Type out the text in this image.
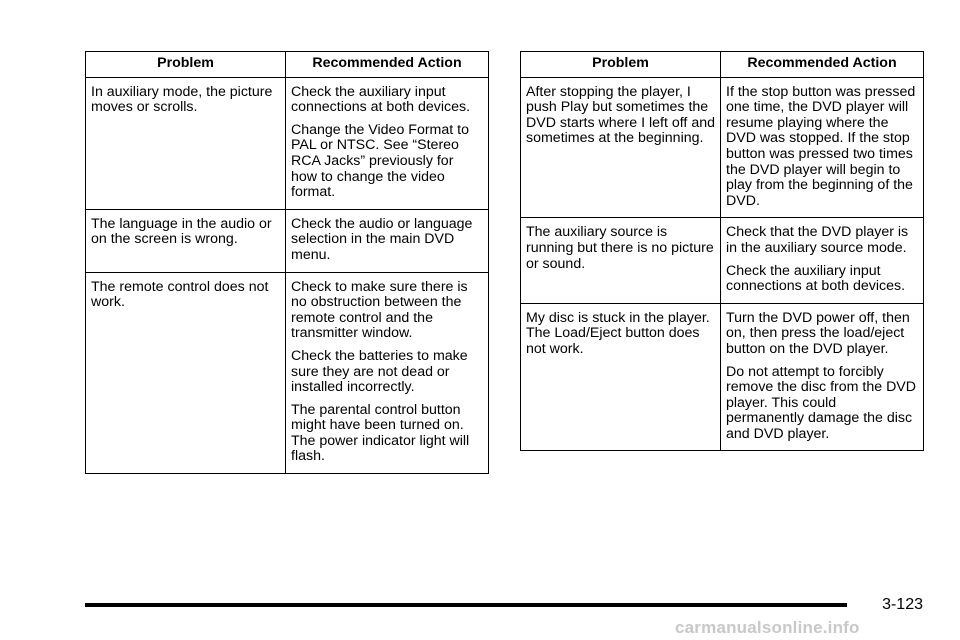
Problem	Recommended Action

In auxiliary mode, the picture moves or scrolls.	Check the auxiliary input connections at both devices.

Change the Video Format to PAL or NTSC. See “Stereo RCA Jacks” previously for how to change the video format.

The language in the audio or on the screen is wrong.	Check the audio or language selection in the main DVD menu.

The remote control does not work.	Check to make sure there is no obstruction between the remote control and the transmitter window.

Check the batteries to make sure they are not dead or installed incorrectly.

The parental control button might have been turned on. The power indicator light will flash.

Problem	Recommended Action

After stopping the player, I push Play but sometimes the DVD starts where I left off and sometimes at the beginning.	If the stop button was pressed one time, the DVD player will resume playing where the DVD was stopped. If the stop button was pressed two times the DVD player will begin to play from the beginning of the DVD.

The auxiliary source is running but there is no picture or sound.	Check that the DVD player is in the auxiliary source mode.

Check the auxiliary input connections at both devices.

My disc is stuck in the player. The Load/Eject button does not work.	Turn the DVD power off, then on, then press the load/eject button on the DVD player.

Do not attempt to forcibly remove the disc from the DVD player. This could permanently damage the disc and DVD player.

3-123
carmanualsonline.info
